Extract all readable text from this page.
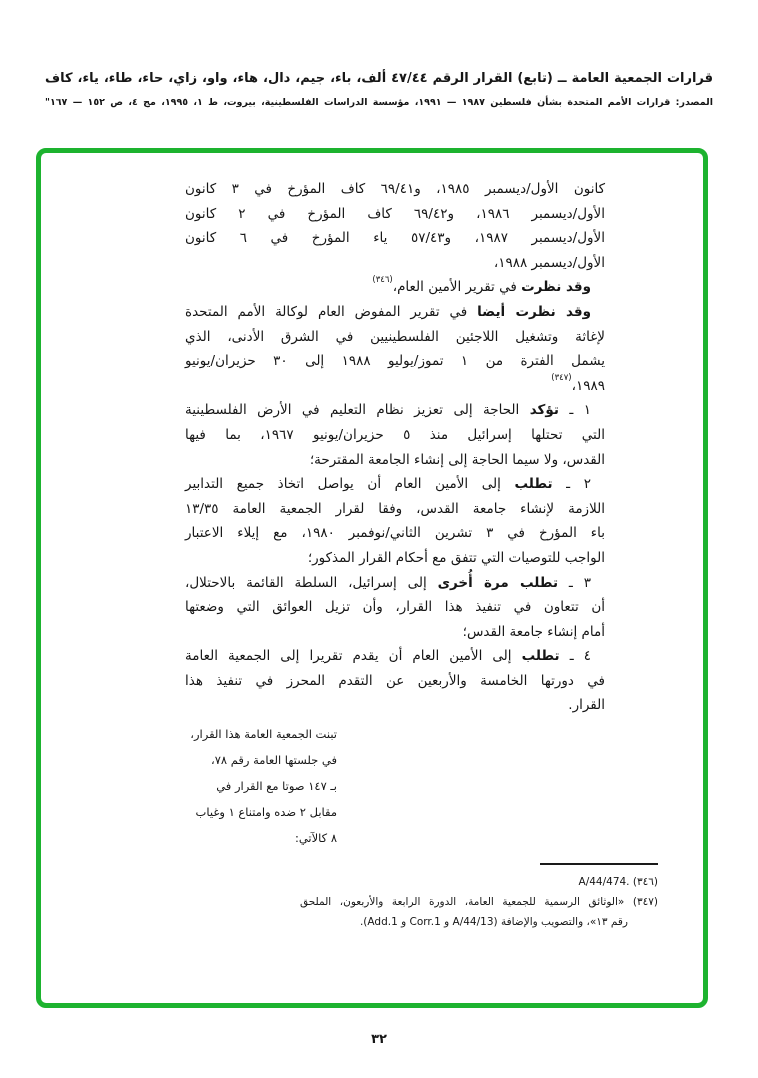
قرارات الجمعية العامة ــ (تابع) القرار الرقم ٤٧/٤٤ ألف، باء، جيم، دال، هاء، واو، زاي، حاء، طاء، ياء، كاف
المصدر: قرارات الأمم المتحدة بشأن فلسطين ١٩٨٧ — ١٩٩١، مؤسسة الدراسات الفلسطينية، بيروت، ط ١، ١٩٩٥، مج ٤، ص ١٥٢ — ١٦٧"
كانون الأول/ديسمبر ١٩٨٥، و٦٩/٤١ كاف المؤرخ في ٣ كانون
الأول/ديسمبر ١٩٨٦، و٦٩/٤٢ كاف المؤرخ في ٢ كانون
الأول/ديسمبر ١٩٨٧، و٥٧/٤٣ ياء المؤرخ في ٦ كانون
الأول/ديسمبر ١٩٨٨،
وقد نظرت في تقرير الأمين العام،$^{(٣٤٦)}$
وقد نظرت أيضا في تقرير المفوض العام لوكالة الأمم المتحدة
لإغاثة وتشغيل اللاجئين الفلسطينيين في الشرق الأدنى، الذي
يشمل الفترة من ١ تموز/يوليو ١٩٨٨ إلى ٣٠ حزيران/يونيو
١٩٨٩،$^{(٣٤٧)}$
١ ـ تؤكد الحاجة إلى تعزيز نظام التعليم في الأرض الفلسطينية
التي تحتلها إسرائيل منذ ٥ حزيران/يونيو ١٩٦٧، بما فيها
القدس، ولا سيما الحاجة إلى إنشاء الجامعة المقترحة؛
٢ ـ تطلب إلى الأمين العام أن يواصل اتخاذ جميع التدابير
اللازمة لإنشاء جامعة القدس، وفقا لقرار الجمعية العامة ١٣/٣٥
باء المؤرخ في ٣ تشرين الثاني/نوفمبر ١٩٨٠، مع إيلاء الاعتبار
الواجب للتوصيات التي تتفق مع أحكام القرار المذكور؛
٣ ـ تطلب مرة أُخرى إلى إسرائيل، السلطة القائمة بالاحتلال،
أن تتعاون في تنفيذ هذا القرار، وأن تزيل العوائق التي وضعتها
أمام إنشاء جامعة القدس؛
٤ ـ تطلب إلى الأمين العام أن يقدم تقريرا إلى الجمعية العامة
في دورتها الخامسة والأربعين عن التقدم المحرز في تنفيذ هذا
القرار.
تبنت الجمعية العامة هذا القرار،
في جلستها العامة رقم ٧٨،
بـ ١٤٧ صوتا مع القرار في
مقابل ٢ ضده وامتناع ١ وغياب
٨ كالآتي:
(٣٤٦) A/44/474.
(٣٤٧) «الوثائق الرسمية للجمعية العامة، الدورة الرابعة والأربعون، الملحق
رقم ١٣»، والتصويب والإضافة (A/44/13 و Corr.1 و Add.1).
٣٢
